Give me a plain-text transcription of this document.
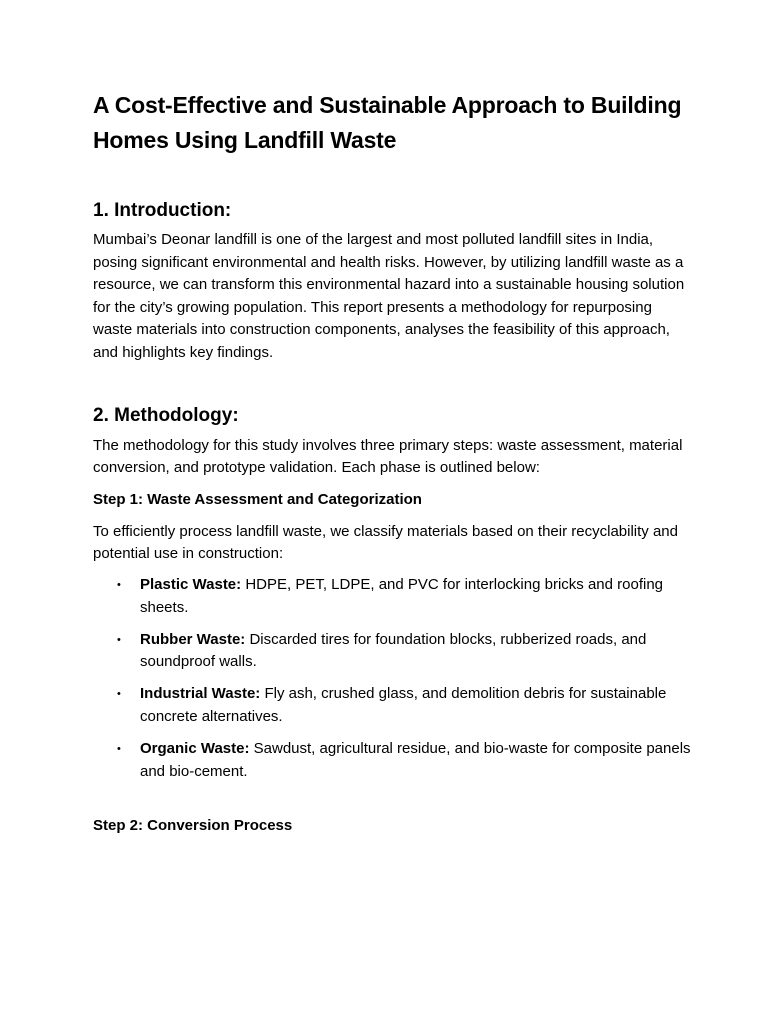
A Cost-Effective and Sustainable Approach to Building Homes Using Landfill Waste
1. Introduction:

Mumbai’s Deonar landfill is one of the largest and most polluted landfill sites in India, posing significant environmental and health risks. However, by utilizing landfill waste as a resource, we can transform this environmental hazard into a sustainable housing solution for the city’s growing population. This report presents a methodology for repurposing waste materials into construction components, analyses the feasibility of this approach, and highlights key findings.

2. Methodology:

The methodology for this study involves three primary steps: waste assessment, material conversion, and prototype validation. Each phase is outlined below:

Step 1: Waste Assessment and Categorization

To efficiently process landfill waste, we classify materials based on their recyclability and potential use in construction:

• Plastic Waste: HDPE, PET, LDPE, and PVC for interlocking bricks and roofing sheets.
• Rubber Waste: Discarded tires for foundation blocks, rubberized roads, and soundproof walls.
• Industrial Waste: Fly ash, crushed glass, and demolition debris for sustainable concrete alternatives.
• Organic Waste: Sawdust, agricultural residue, and bio-waste for composite panels and bio-cement.
Step 2: Conversion Process
